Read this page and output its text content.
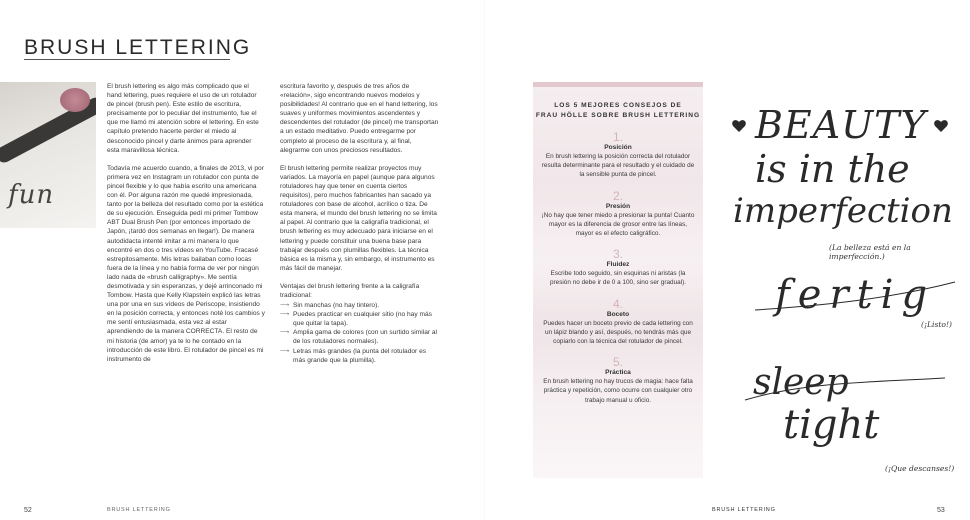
BRUSH LETTERING
fun

El brush lettering es algo más complicado que el hand lettering, pues requiere el uso de un rotulador de pincel (brush pen). Este estilo de escritura, precisamente por lo peculiar del instrumento, fue el que me llamó mi atención sobre el lettering. En este capítulo pretendo hacerte perder el miedo al desconocido pincel y darte ánimos para aprender esta maravillosa técnica.

Todavía me acuerdo cuando, a finales de 2013, vi por primera vez en Instagram un rotulador con punta de pincel flexible y lo que había escrito una americana con él. Por alguna razón me quedé impresionada, tanto por la belleza del resultado como por la estética de su ejecución. Enseguida pedí mi primer Tombow ABT Dual Brush Pen (por entonces importado de Japón, ¡tardó dos semanas en llegar!). De manera autodidacta intenté imitar a mi manera lo que encontré en dos o tres vídeos en YouTube. Fracasé estrepitosamente. Mis letras bailaban como locas fuera de la línea y no había forma de ver por ningún lado nada de «brush calligraphy». Me sentía desmotivada y sin esperanzas, y dejé arrinconado mi Tombow. Hasta que Kelly Klapstein explicó las letras una por una en sus vídeos de Periscope, insistiendo en la posición correcta, y entonces noté los cambios y me sentí entusiasmada, esta vez al estar aprendiendo de la manera CORRECTA. El resto de mi historia (de amor) ya te lo he contado en la introducción de este libro. El rotulador de pincel es mi instrumento de

escritura favorito y, después de tres años de «relación», sigo encontrando nuevos modelos y posibilidades! Al contrario que en el hand lettering, los suaves y uniformes movimientos ascendentes y descendentes del rotulador (de pincel) me transportan a un estado meditativo. Puedo entregarme por completo al proceso de la escritura y, al final, alegrarme con unos preciosos resultados.

El brush lettering permite realizar proyectos muy variados. La mayoría en papel (aunque para algunos rotuladores hay que tener en cuenta ciertos requisitos), pero muchos fabricantes han sacado ya rotuladores con base de alcohol, acrílico o tiza. De esta manera, el mundo del brush lettering no se limita al papel. Al contrario que la caligrafía tradicional, el brush lettering es muy adecuado para iniciarse en el lettering y puede constituir una buena base para trabajar después con plumillas flexibles. La técnica básica es la misma y, sin embargo, el instrumento es más fácil de manejar.

Ventajas del brush lettering frente a la caligrafía tradicional:

⟶ Sin manchas (no hay tintero).
⟶ Puedes practicar en cualquier sitio (no hay más que quitar la tapa).
⟶ Amplia gama de colores (con un surtido similar al de los rotuladores normales).
⟶ Letras más grandes (la punta del rotulador es más grande que la plumilla).
52	BRUSH LETTERING
LOS 5 MEJORES CONSEJOS DE
FRAU HÖLLE SOBRE BRUSH LETTERING
1.
Posición
En brush lettering la posición correcta del rotulador resulta determinante para el resultado y el cuidado de la sensible punta de pincel.
2.
Presión
¡No hay que tener miedo a presionar la punta! Cuanto mayor es la diferencia de grosor entre las líneas, mayor es el efecto caligráfico.
3.
Fluidez
Escribe todo seguido, sin esquinas ni aristas (la presión no debe ir de 0 a 100, sino ser gradual).
4.
Boceto
Puedes hacer un boceto previo de cada lettering con un lápiz blando y así, después, no tendrás más que copiarlo con la técnica del rotulador de pincel.
5.
Práctica
En brush lettering no hay trucos de magia: hace falta práctica y repetición, como ocurre con cualquier otro trabajo manual u oficio.
BEAUTY
is in the
imperfection
fertig
sleep
tight
(La belleza está en la imperfección.)
(¡Listo!)
(¡Que descanses!)
BRUSH LETTERING	53
